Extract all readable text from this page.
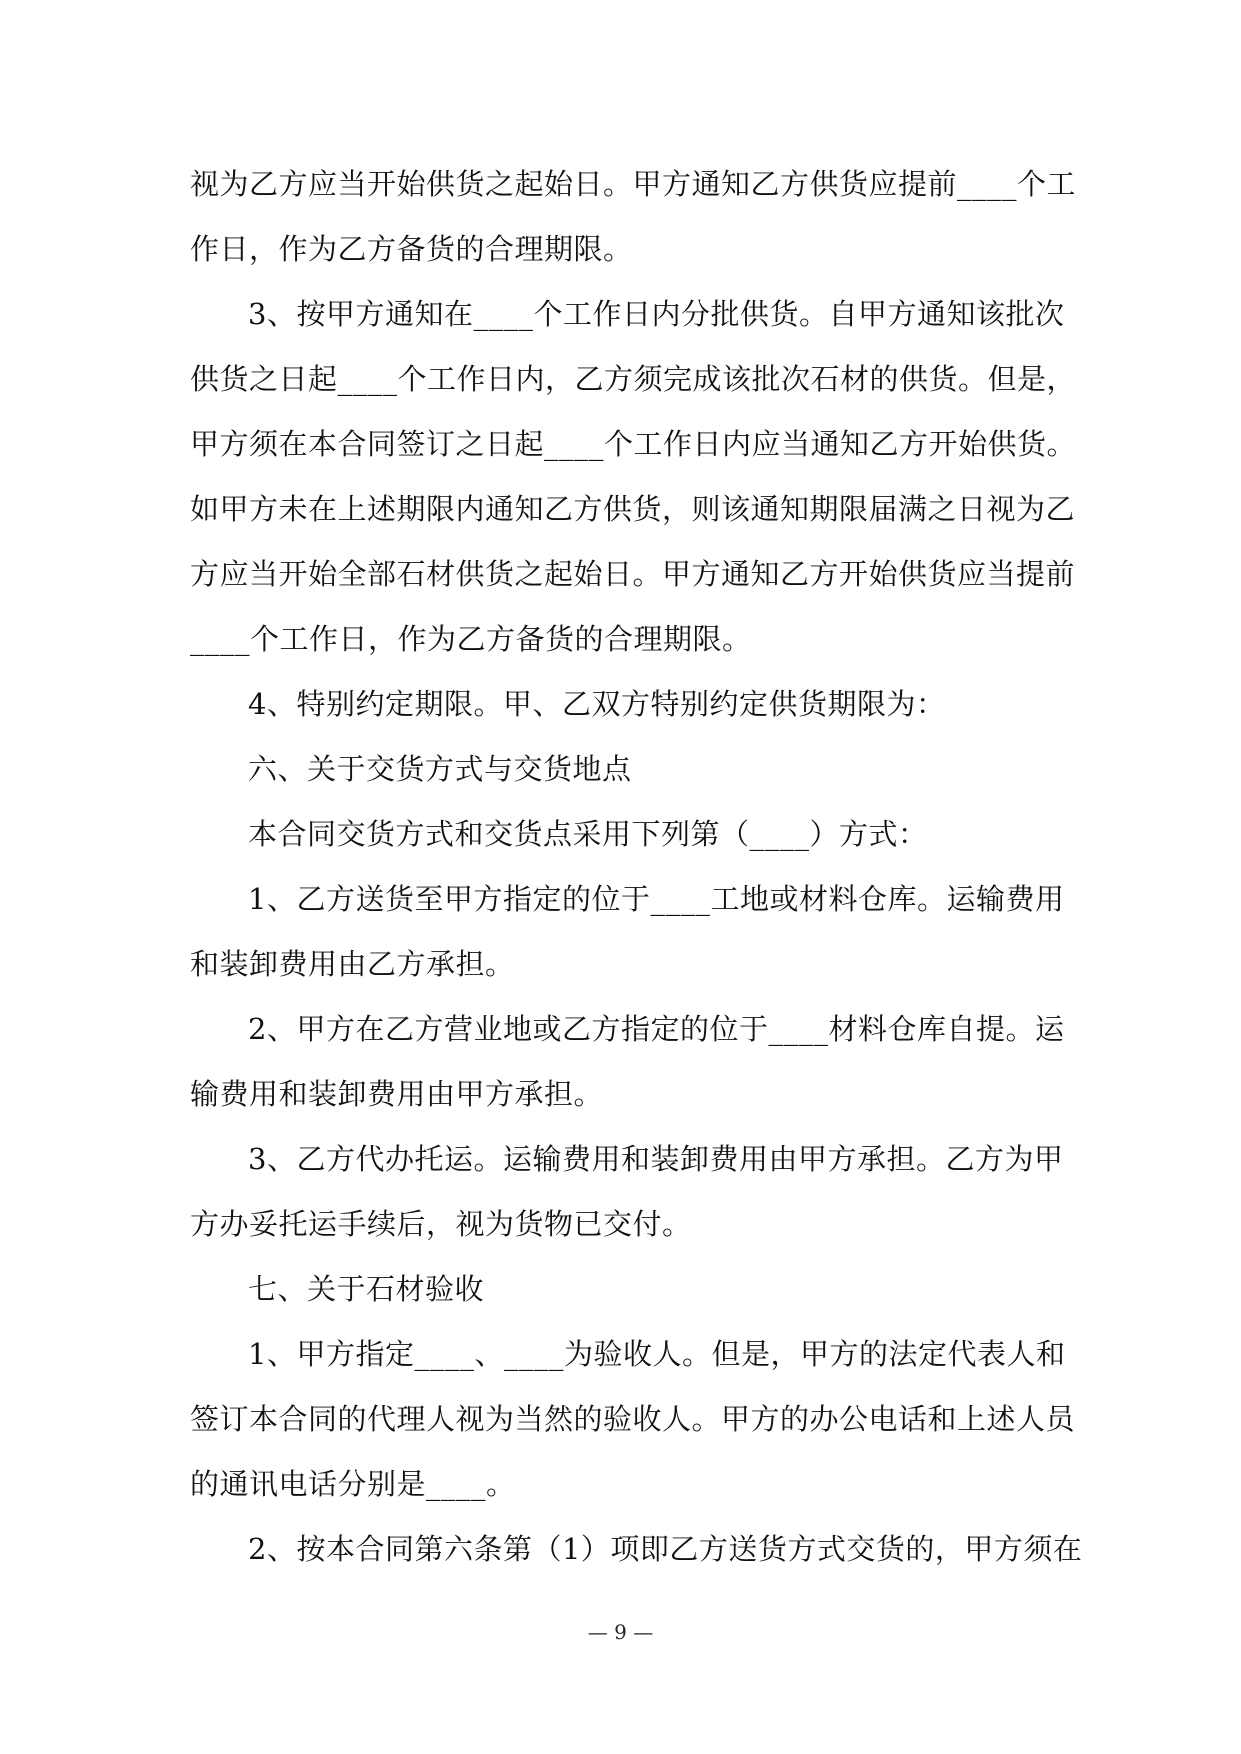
视为乙方应当开始供货之起始日。甲方通知乙方供货应提前____个工
作日，作为乙方备货的合理期限。
3、按甲方通知在____个工作日内分批供货。自甲方通知该批次
供货之日起____个工作日内，乙方须完成该批次石材的供货。但是，
甲方须在本合同签订之日起____个工作日内应当通知乙方开始供货。
如甲方未在上述期限内通知乙方供货，则该通知期限届满之日视为乙
方应当开始全部石材供货之起始日。甲方通知乙方开始供货应当提前
____个工作日，作为乙方备货的合理期限。
4、特别约定期限。甲、乙双方特别约定供货期限为：
六、关于交货方式与交货地点
本合同交货方式和交货点采用下列第（____）方式：
1、乙方送货至甲方指定的位于____工地或材料仓库。运输费用
和装卸费用由乙方承担。
2、甲方在乙方营业地或乙方指定的位于____材料仓库自提。运
输费用和装卸费用由甲方承担。
3、乙方代办托运。运输费用和装卸费用由甲方承担。乙方为甲
方办妥托运手续后，视为货物已交付。
七、关于石材验收
1、甲方指定____、____为验收人。但是，甲方的法定代表人和
签订本合同的代理人视为当然的验收人。甲方的办公电话和上述人员
的通讯电话分别是____。
2、按本合同第六条第（1）项即乙方送货方式交货的，甲方须在
— 9 —
